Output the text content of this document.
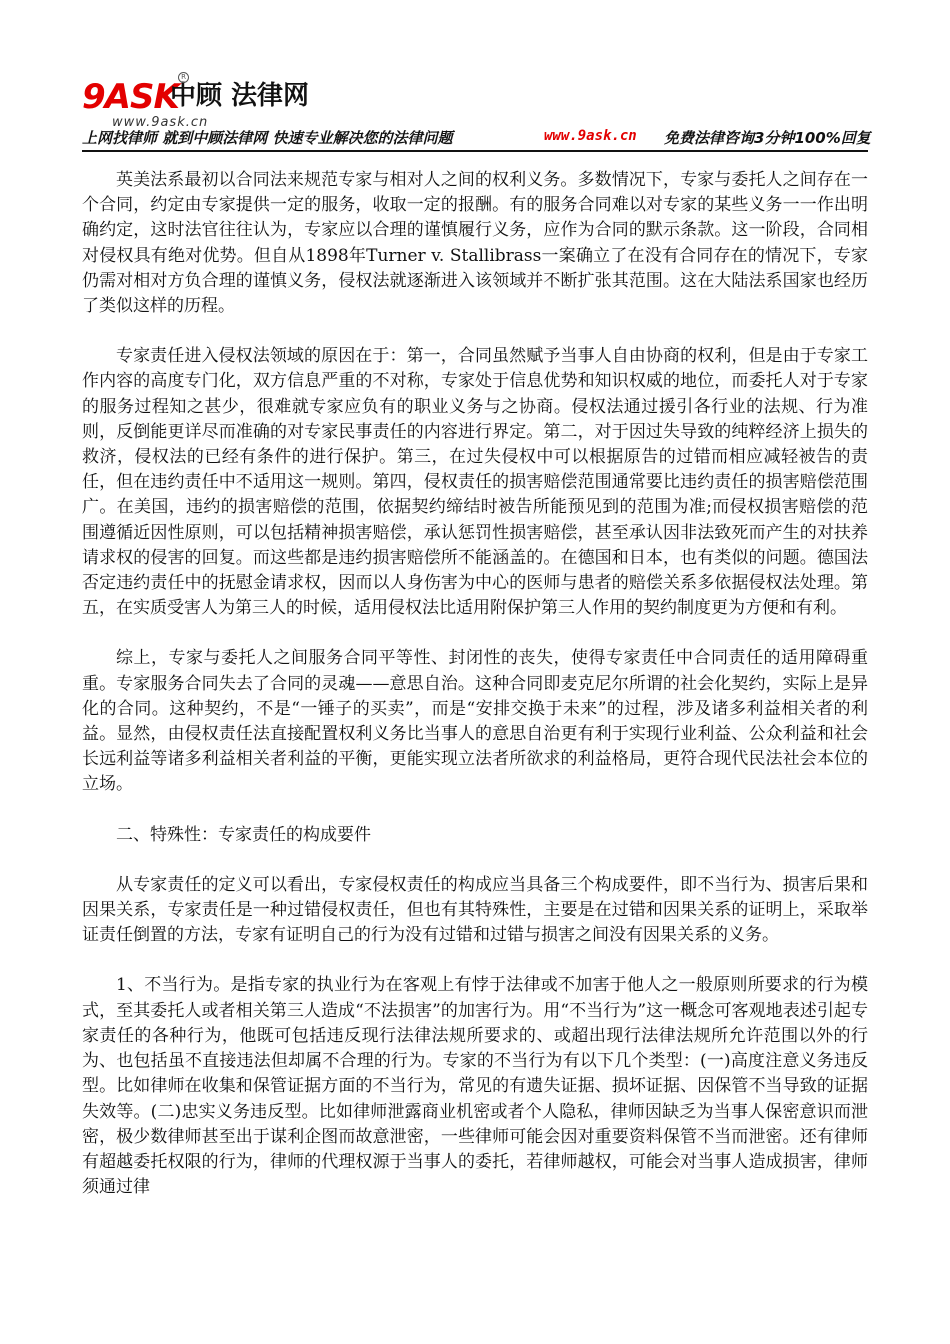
9ASK
中顾 法律网
R
www.9ask.cn
上网找律师 就到中顾法律网 快速专业解决您的法律问题	www.9ask.cn 免费法律咨询3分钟100%回复

英美法系最初以合同法来规范专家与相对人之间的权利义务。多数情况下，专家与委托人之间存在一个合同，约定由专家提供一定的服务，收取一定的报酬。有的服务合同难以对专家的某些义务一一作出明确约定，这时法官往往认为，专家应以合理的谨慎履行义务，应作为合同的默示条款。这一阶段，合同相对侵权具有绝对优势。但自从1898年Turner v. Stallibrass一案确立了在没有合同存在的情况下，专家仍需对相对方负合理的谨慎义务，侵权法就逐渐进入该领域并不断扩张其范围。这在大陆法系国家也经历了类似这样的历程。

专家责任进入侵权法领域的原因在于：第一，合同虽然赋予当事人自由协商的权利，但是由于专家工作内容的高度专门化，双方信息严重的不对称，专家处于信息优势和知识权威的地位，而委托人对于专家的服务过程知之甚少，很难就专家应负有的职业义务与之协商。侵权法通过援引各行业的法规、行为准则，反倒能更详尽而准确的对专家民事责任的内容进行界定。第二，对于因过失导致的纯粹经济上损失的救济，侵权法的已经有条件的进行保护。第三，在过失侵权中可以根据原告的过错而相应减轻被告的责任，但在违约责任中不适用这一规则。第四，侵权责任的损害赔偿范围通常要比违约责任的损害赔偿范围广。在美国，违约的损害赔偿的范围，依据契约缔结时被告所能预见到的范围为准;而侵权损害赔偿的范围遵循近因性原则，可以包括精神损害赔偿，承认惩罚性损害赔偿，甚至承认因非法致死而产生的对扶养请求权的侵害的回复。而这些都是违约损害赔偿所不能涵盖的。在德国和日本，也有类似的问题。德国法否定违约责任中的抚慰金请求权，因而以人身伤害为中心的医师与患者的赔偿关系多依据侵权法处理。第五，在实质受害人为第三人的时候，适用侵权法比适用附保护第三人作用的契约制度更为方便和有利。

综上，专家与委托人之间服务合同平等性、封闭性的丧失，使得专家责任中合同责任的适用障碍重重。专家服务合同失去了合同的灵魂——意思自治。这种合同即麦克尼尔所谓的社会化契约，实际上是异化的合同。这种契约，不是“一锤子的买卖”，而是“安排交换于未来”的过程，涉及诸多利益相关者的利益。显然，由侵权责任法直接配置权利义务比当事人的意思自治更有利于实现行业利益、公众利益和社会长远利益等诸多利益相关者利益的平衡，更能实现立法者所欲求的利益格局，更符合现代民法社会本位的立场。

二、特殊性：专家责任的构成要件

从专家责任的定义可以看出，专家侵权责任的构成应当具备三个构成要件，即不当行为、损害后果和因果关系，专家责任是一种过错侵权责任，但也有其特殊性，主要是在过错和因果关系的证明上，采取举证责任倒置的方法，专家有证明自己的行为没有过错和过错与损害之间没有因果关系的义务。

1、不当行为。是指专家的执业行为在客观上有悖于法律或不加害于他人之一般原则所要求的行为模式，至其委托人或者相关第三人造成“不法损害”的加害行为。用“不当行为”这一概念可客观地表述引起专家责任的各种行为，他既可包括违反现行法律法规所要求的、或超出现行法律法规所允许范围以外的行为、也包括虽不直接违法但却属不合理的行为。专家的不当行为有以下几个类型：(一)高度注意义务违反型。比如律师在收集和保管证据方面的不当行为，常见的有遗失证据、损坏证据、因保管不当导致的证据失效等。(二)忠实义务违反型。比如律师泄露商业机密或者个人隐私，律师因缺乏为当事人保密意识而泄密，极少数律师甚至出于谋利企图而故意泄密，一些律师可能会因对重要资料保管不当而泄密。还有律师有超越委托权限的行为，律师的代理权源于当事人的委托，若律师越权，可能会对当事人造成损害，律师须通过律
